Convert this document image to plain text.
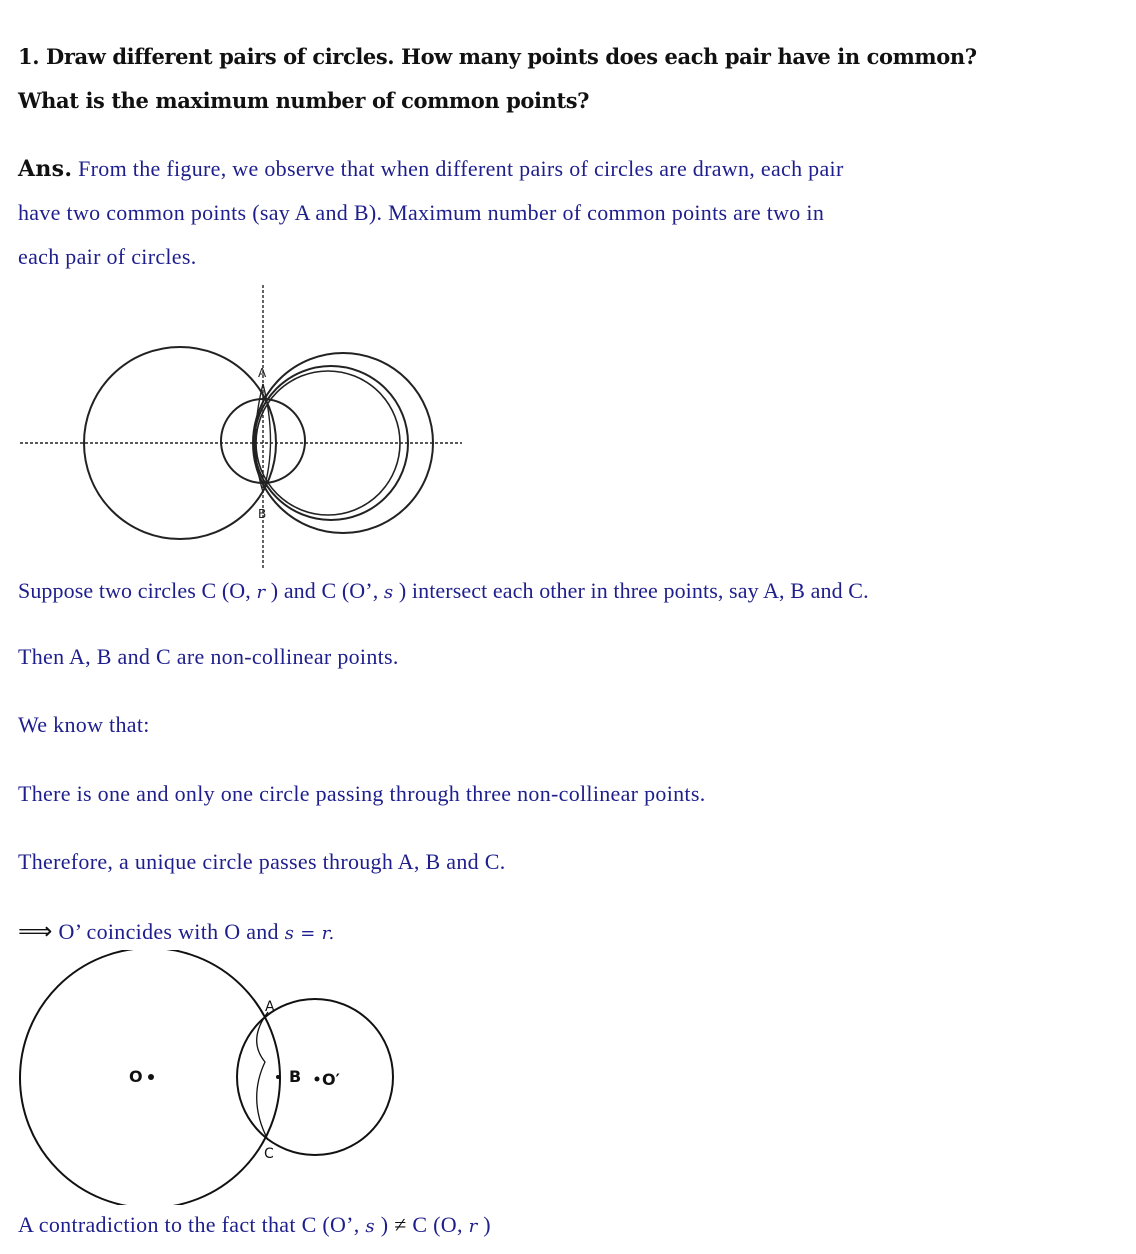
1. Draw different pairs of circles. How many points does each pair have in common?
What is the maximum number of common points?
Ans. From the figure, we observe that when different pairs of circles are drawn, each pair
have two common points (say A and B). Maximum number of common points are two in
each pair of circles.
A
B
Suppose two circles C (O, r ) and C (O’, s ) intersect each other in three points, say A, B and C.
Then A, B and C are non-collinear points.
We know that:
There is one and only one circle passing through three non-collinear points.
Therefore, a unique circle passes through A, B and C.
⟹ O’ coincides with O and s = r.
O
A
B O′
C
A contradiction to the fact that C (O’, s ) ≠ C (O, r )
